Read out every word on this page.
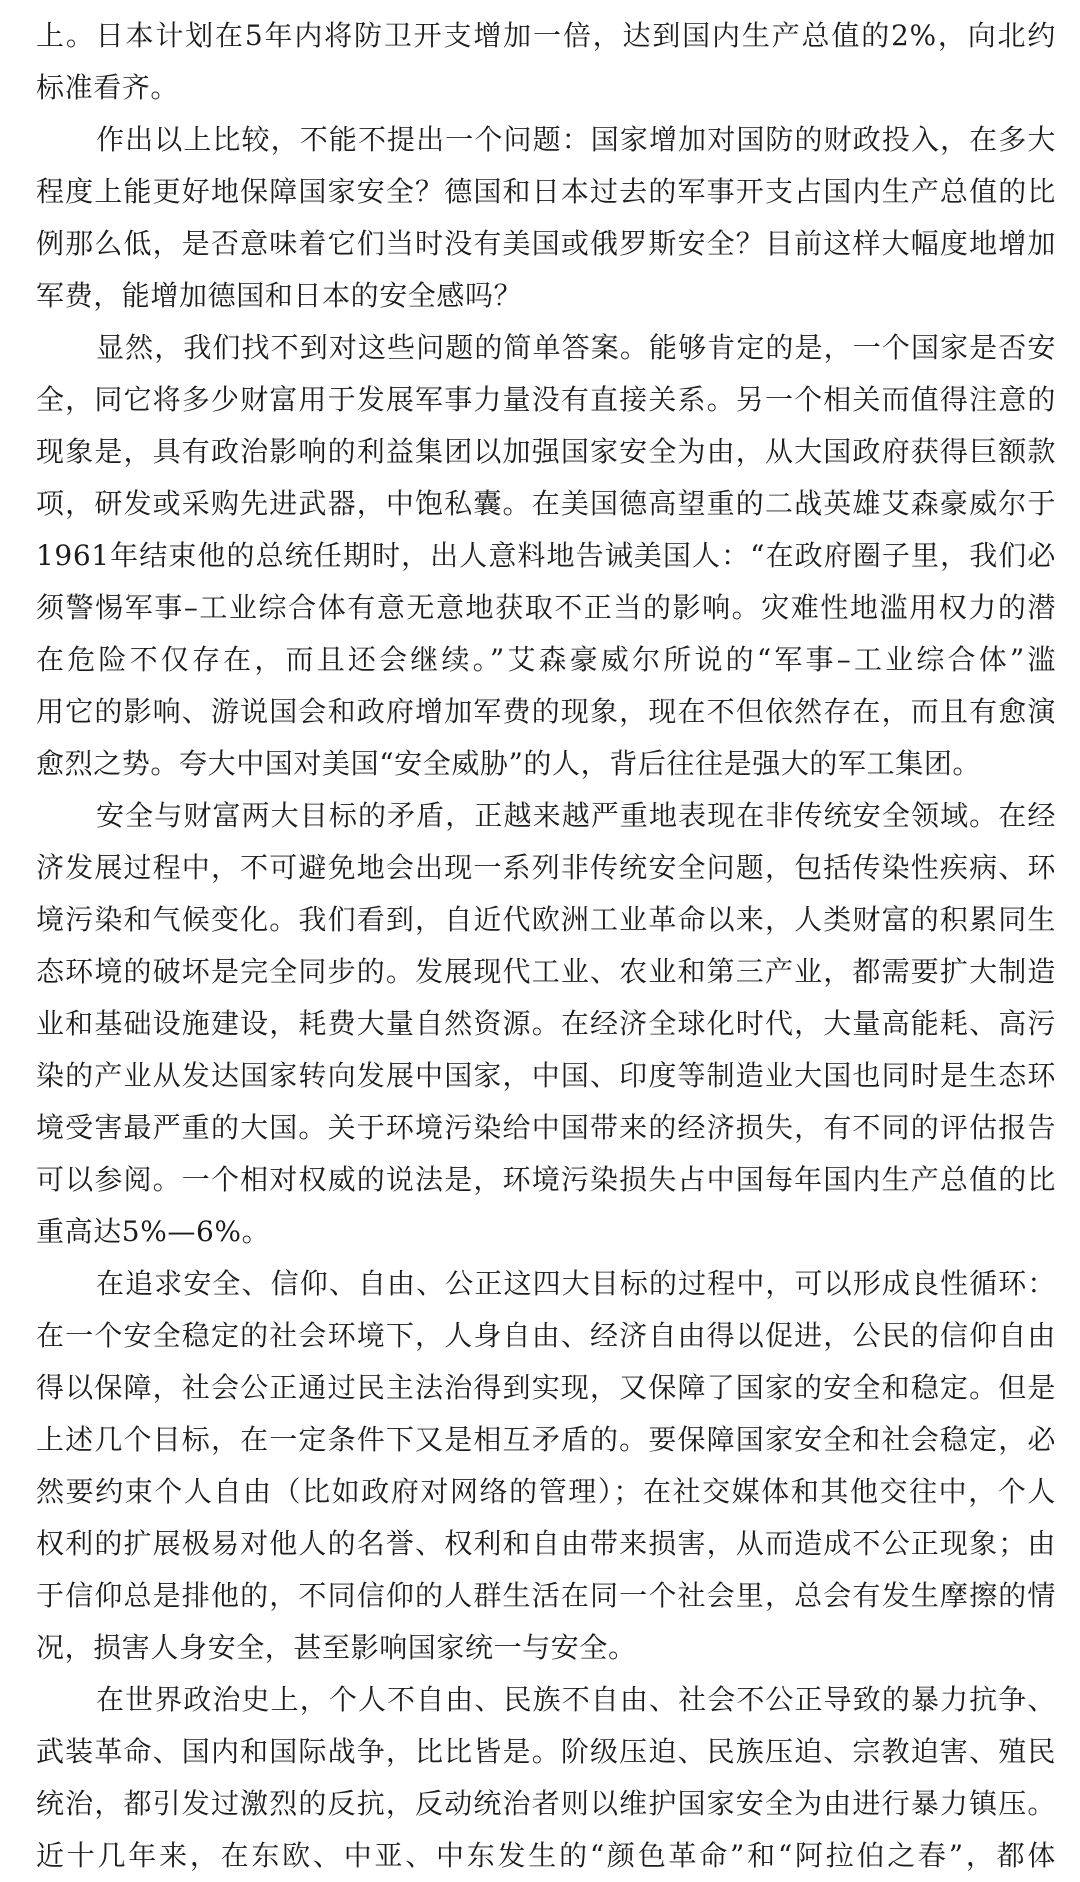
上。日本计划在5年内将防卫开支增加一倍，达到国内生产总值的2%，向北约
标准看齐。
作出以上比较，不能不提出一个问题：国家增加对国防的财政投入，在多大
程度上能更好地保障国家安全？德国和日本过去的军事开支占国内生产总值的比
例那么低，是否意味着它们当时没有美国或俄罗斯安全？目前这样大幅度地增加
军费，能增加德国和日本的安全感吗？
显然，我们找不到对这些问题的简单答案。能够肯定的是，一个国家是否安
全，同它将多少财富用于发展军事力量没有直接关系。另一个相关而值得注意的
现象是，具有政治影响的利益集团以加强国家安全为由，从大国政府获得巨额款
项，研发或采购先进武器，中饱私囊。在美国德高望重的二战英雄艾森豪威尔于
1961年结束他的总统任期时，出人意料地告诫美国人：“在政府圈子里，我们必
须警惕军事–工业综合体有意无意地获取不正当的影响。灾难性地滥用权力的潜
在危险不仅存在，而且还会继续。”艾森豪威尔所说的“军事–工业综合体”滥
用它的影响、游说国会和政府增加军费的现象，现在不但依然存在，而且有愈演
愈烈之势。夸大中国对美国“安全威胁”的人，背后往往是强大的军工集团。
安全与财富两大目标的矛盾，正越来越严重地表现在非传统安全领域。在经
济发展过程中，不可避免地会出现一系列非传统安全问题，包括传染性疾病、环
境污染和气候变化。我们看到，自近代欧洲工业革命以来，人类财富的积累同生
态环境的破坏是完全同步的。发展现代工业、农业和第三产业，都需要扩大制造
业和基础设施建设，耗费大量自然资源。在经济全球化时代，大量高能耗、高污
染的产业从发达国家转向发展中国家，中国、印度等制造业大国也同时是生态环
境受害最严重的大国。关于环境污染给中国带来的经济损失，有不同的评估报告
可以参阅。一个相对权威的说法是，环境污染损失占中国每年国内生产总值的比
重高达5%—6%。
在追求安全、信仰、自由、公正这四大目标的过程中，可以形成良性循环：
在一个安全稳定的社会环境下，人身自由、经济自由得以促进，公民的信仰自由
得以保障，社会公正通过民主法治得到实现，又保障了国家的安全和稳定。但是
上述几个目标，在一定条件下又是相互矛盾的。要保障国家安全和社会稳定，必
然要约束个人自由（比如政府对网络的管理）；在社交媒体和其他交往中，个人
权利的扩展极易对他人的名誉、权利和自由带来损害，从而造成不公正现象；由
于信仰总是排他的，不同信仰的人群生活在同一个社会里，总会有发生摩擦的情
况，损害人身安全，甚至影响国家统一与安全。
在世界政治史上，个人不自由、民族不自由、社会不公正导致的暴力抗争、
武装革命、国内和国际战争，比比皆是。阶级压迫、民族压迫、宗教迫害、殖民
统治，都引发过激烈的反抗，反动统治者则以维护国家安全为由进行暴力镇压。
近十几年来，在东欧、中亚、中东发生的“颜色革命”和“阿拉伯之春”，都体
